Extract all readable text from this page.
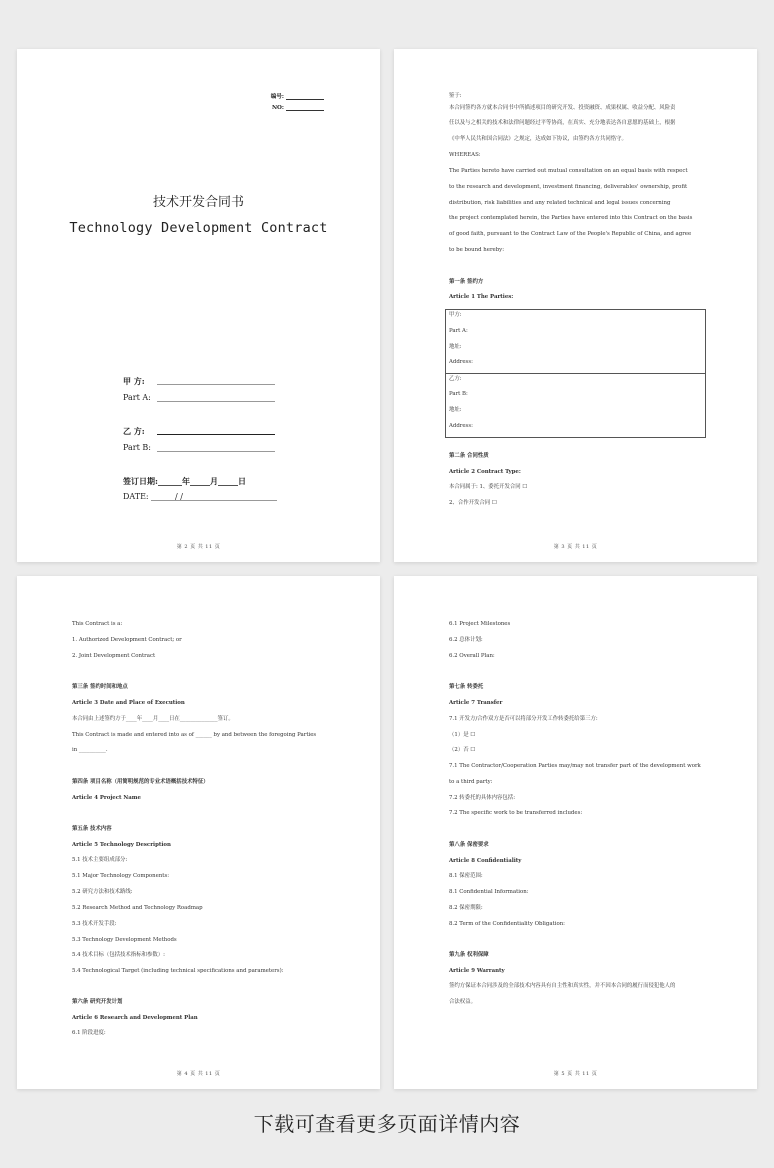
编号:
NO:
技术开发合同书
Technology Development Contract
甲 方:
Part A:
乙 方:
Part B:
签订日期:______年_____月_____日
DATE:	/ /
第 2 页 共 11 页
鉴于:
本合同签约各方就本合同书中所描述项目的研究开发、投资融资、成果权属、收益分配、风险责
任以及与之相关的技术和法律问题经过平等协商，在真实、充分地表达各自意愿的基础上，根据
《中华人民共和国合同法》之规定，达成如下协议，由签约各方共同恪守。
WHEREAS:
The Parties hereto have carried out mutual consultation on an equal basis with respect
to the research and development, investment financing, deliverables' ownership, profit
distribution, risk liabilities and any related technical and legal issues concerning
the project contemplated herein, the Parties have entered into this Contract on the basis
of good faith, pursuant to the Contract Law of the People's Republic of China, and agree
to be bound hereby:
第一条 签约方
Article 1 The Parties:
甲方:
Part A:
地址:
Address:
乙方:
Part B:
地址:
Address:
第二条 合同性质
Article 2 Contract Type:
本合同属于: 1、委托开发合同 ☐
2、合作开发合同 ☐
第 3 页 共 11 页
This Contract is a:
1. Authorized Development Contract; or
2. Joint Development Contract
第三条 签约时间和地点
Article 3 Date and Place of Execution
本合同由上述签约方于____年____月____日在______________签订。
This Contract is made and entered into as of ______ by and between the foregoing Parties
in __________.
第四条 项目名称（用简明规范的专业术语概括技术特征）
Article 4 Project Name
第五条 技术内容
Article 5 Technology Description
5.1 技术主要组成部分:
5.1 Major Technology Components:
5.2 研究方法和技术路线:
5.2 Research Method and Technology Roadmap
5.3 技术开发手段:
5.3 Technology Development Methods
5.4 技术目标（包括技术指标和参数）:
5.4 Technological Target (including technical specifications and parameters):
第六条 研究开发计划
Article 6 Research and Development Plan
6.1 阶段进度:
第 4 页 共 11 页
6.1 Project Milestones
6.2 总体计划:
6.2 Overall Plan:
第七条 转委托
Article 7 Transfer
7.1 开发方/合作双方是否可以将部分开发工作转委托给第三方:
（1）是 ☐
（2）否 ☐
7.1 The Contractor/Cooperation Parties may/may not transfer part of the development work
to a third party:
7.2 转委托的具体内容包括:
7.2 The specific work to be transferred includes:
第八条 保密要求
Article 8 Confidentiality
8.1 保密范围:
8.1 Confidential Information:
8.2 保密期限:
8.2 Term of the Confidentiality Obligation:
第九条 权利保障
Article 9 Warranty
签约方保证本合同涉及的全部技术内容具有自主性和真实性，并不因本合同的履行而侵犯他人的
合法权益。
第 5 页 共 11 页
下载可查看更多页面详情内容
